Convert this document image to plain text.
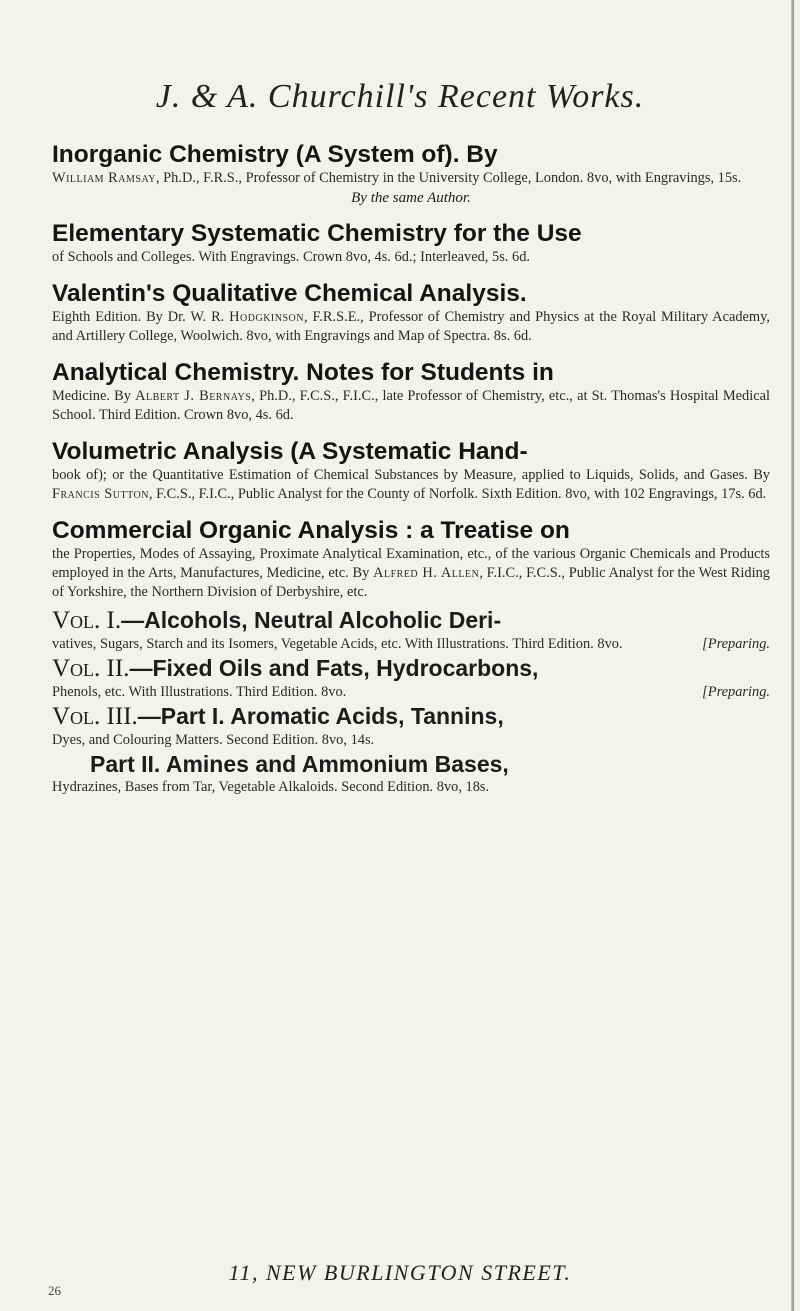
J. & A. Churchill's Recent Works.
Inorganic Chemistry (A System of). By
William Ramsay, Ph.D., F.R.S., Professor of Chemistry in the University College, London. 8vo, with Engravings, 15s.
By the same Author.
Elementary Systematic Chemistry for the Use
of Schools and Colleges. With Engravings. Crown 8vo, 4s. 6d.; Interleaved, 5s. 6d.
Valentin's Qualitative Chemical Analysis.
Eighth Edition. By Dr. W. R. Hodgkinson, F.R.S.E., Professor of Chemistry and Physics at the Royal Military Academy, and Artillery College, Woolwich. 8vo, with Engravings and Map of Spectra. 8s. 6d.
Analytical Chemistry. Notes for Students in
Medicine. By Albert J. Bernays, Ph.D., F.C.S., F.I.C., late Professor of Chemistry, etc., at St. Thomas's Hospital Medical School. Third Edition. Crown 8vo, 4s. 6d.
Volumetric Analysis (A Systematic Hand-
book of); or the Quantitative Estimation of Chemical Substances by Measure, applied to Liquids, Solids, and Gases. By Francis Sutton, F.C.S., F.I.C., Public Analyst for the County of Norfolk. Sixth Edition. 8vo, with 102 Engravings, 17s. 6d.
Commercial Organic Analysis : a Treatise on
the Properties, Modes of Assaying, Proximate Analytical Examination, etc., of the various Organic Chemicals and Products employed in the Arts, Manufactures, Medicine, etc. By Alfred H. Allen, F.I.C., F.C.S., Public Analyst for the West Riding of Yorkshire, the Northern Division of Derbyshire, etc.
Vol. I.—Alcohols, Neutral Alcoholic Deri-
vatives, Sugars, Starch and its Isomers, Vegetable Acids, etc. With Illustrations. Third Edition. 8vo.	[Preparing.
Vol. II.—Fixed Oils and Fats, Hydrocarbons,
Phenols, etc. With Illustrations. Third Edition. 8vo.	[Preparing.
Vol. III.—Part I. Aromatic Acids, Tannins,
Dyes, and Colouring Matters. Second Edition. 8vo, 14s.
Part II. Amines and Ammonium Bases,
Hydrazines, Bases from Tar, Vegetable Alkaloids. Second Edition. 8vo, 18s.
11, NEW BURLINGTON STREET.
26
